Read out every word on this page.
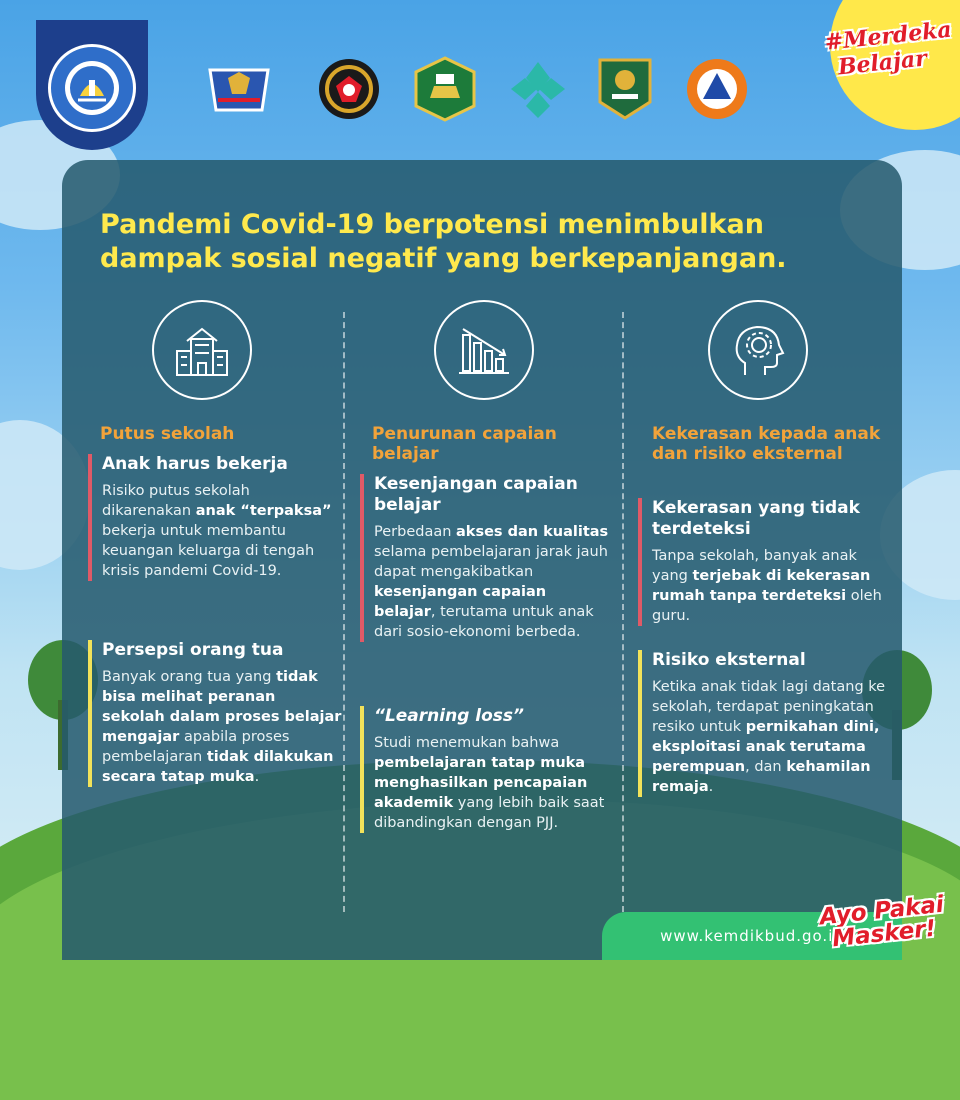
#Merdeka Belajar
Pandemi Covid-19 berpotensi menimbulkan dampak sosial negatif yang berkepanjangan.
Putus sekolah
Anak harus bekerja

Risiko putus sekolah dikarenakan anak “terpaksa” bekerja untuk membantu keuangan keluarga di tengah krisis pandemi Covid-19.

Persepsi orang tua

Banyak orang tua yang tidak bisa melihat peranan sekolah dalam proses belajar mengajar apabila proses pembelajaran tidak dilakukan secara tatap muka.

Penurunan capaian belajar
Kesenjangan capaian belajar

Perbedaan akses dan kualitas selama pembelajaran jarak jauh dapat mengakibatkan kesenjangan capaian belajar, terutama untuk anak dari sosio-ekonomi berbeda.

“Learning loss”

Studi menemukan bahwa pembelajaran tatap muka menghasilkan pencapaian akademik yang lebih baik saat dibandingkan dengan PJJ.

Kekerasan kepada anak dan risiko eksternal
Kekerasan yang tidak terdeteksi

Tanpa sekolah, banyak anak yang terjebak di kekerasan rumah tanpa terdeteksi oleh guru.

Risiko eksternal

Ketika anak tidak lagi datang ke sekolah, terdapat peningkatan resiko untuk pernikahan dini, eksploitasi anak terutama perempuan, dan kehamilan remaja.

www.kemdikbud.go.id
Ayo Pakai Masker!
